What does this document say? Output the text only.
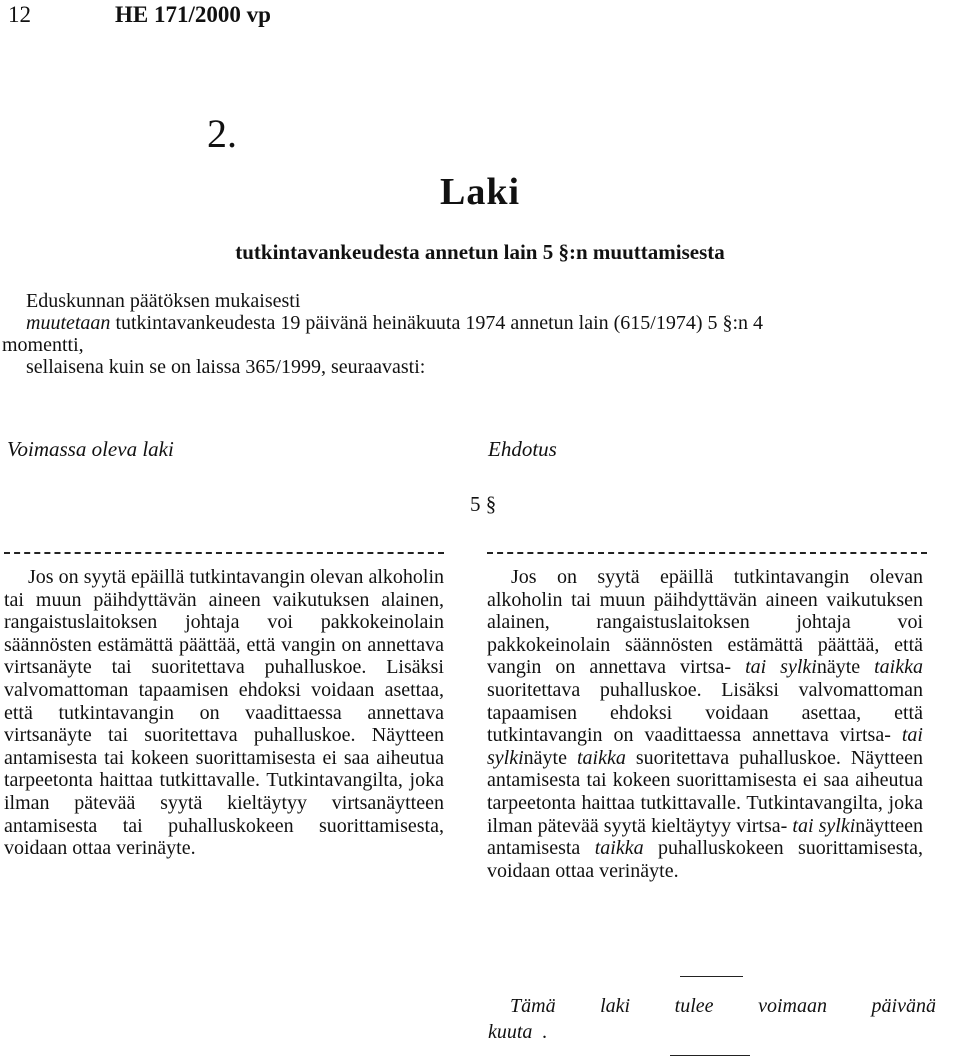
12	HE 171/2000 vp
2.
Laki
tutkintavankeudesta annetun lain 5 §:n muuttamisesta
Eduskunnan päätöksen mukaisesti
muutetaan tutkintavankeudesta 19 päivänä heinäkuuta 1974 annetun lain (615/1974) 5 §:n 4
momentti,
sellaisena kuin se on laissa 365/1999, seuraavasti:
Voimassa oleva laki	Ehdotus
5 §

Jos on syytä epäillä tutkintavangin olevan alkoholin tai muun päihdyttävän aineen vaikutuksen alainen, rangaistuslaitoksen johtaja voi pakkokeinolain säännösten estämättä päättää, että vangin on annettava virtsanäyte tai suoritettava puhalluskoe. Lisäksi valvomattoman tapaamisen ehdoksi voidaan asettaa, että tutkintavangin on vaadittaessa annettava virtsanäyte tai suoritettava puhalluskoe. Näytteen antamisesta tai kokeen suorittamisesta ei saa aiheutua tarpeetonta haittaa tutkittavalle. Tutkintavangilta, joka ilman pätevää syytä kieltäytyy virtsanäytteen antamisesta tai puhalluskokeen suorittamisesta, voidaan ottaa verinäyte.

Jos on syytä epäillä tutkintavangin olevan alkoholin tai muun päihdyttävän aineen vaikutuksen alainen, rangaistuslaitoksen johtaja voi pakkokeinolain säännösten estämättä päättää, että vangin on annettava virtsa- tai sylkinäyte taikka suoritettava puhalluskoe. Lisäksi valvomattoman tapaamisen ehdoksi voidaan asettaa, että tutkintavangin on vaadittaessa annettava virtsa- tai sylkinäyte taikka suoritettava puhalluskoe. Näytteen antamisesta tai kokeen suorittamisesta ei saa aiheutua tarpeetonta haittaa tutkittavalle. Tutkintavangilta, joka ilman pätevää syytä kieltäytyy virtsa- tai sylkinäytteen antamisesta taikka puhalluskokeen suorittamisesta, voidaan ottaa verinäyte.

Tämä laki tulee voimaan päivänä
kuuta .
